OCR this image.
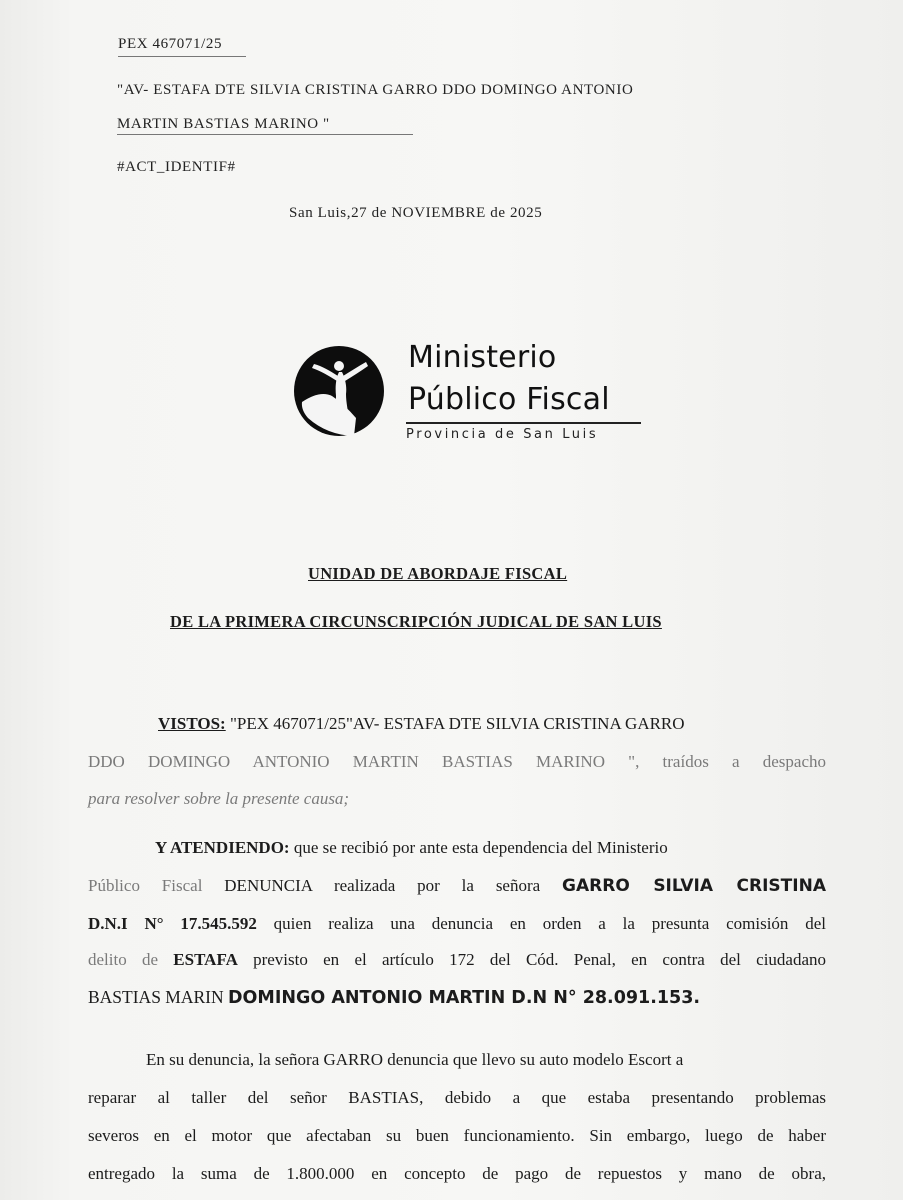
PEX 467071/25
"AV- ESTAFA DTE SILVIA CRISTINA GARRO DDO DOMINGO ANTONIO
MARTIN BASTIAS MARINO "
#ACT_IDENTIF#
San Luis,27 de NOVIEMBRE de 2025
Ministerio
Público Fiscal
Provincia de San Luis
UNIDAD DE ABORDAJE FISCAL
DE LA PRIMERA CIRCUNSCRIPCIÓN JUDICAL DE SAN LUIS
VISTOS: "PEX 467071/25"AV- ESTAFA DTE SILVIA CRISTINA GARRO
DDO DOMINGO ANTONIO MARTIN BASTIAS MARINO ", traídos a despacho
para resolver sobre la presente causa;
Y ATENDIENDO: que se recibió por ante esta dependencia del Ministerio
Público Fiscal DENUNCIA realizada por la señora GARRO SILVIA CRISTINA
D.N.I N° 17.545.592 quien realiza una denuncia en orden a la presunta comisión del
delito de ESTAFA previsto en el artículo 172 del Cód. Penal, en contra del ciudadano
BASTIAS MARIN DOMINGO ANTONIO MARTIN D.N N° 28.091.153.
En su denuncia, la señora GARRO denuncia que llevo su auto modelo Escort a
reparar al taller del señor BASTIAS, debido a que estaba presentando problemas
severos en el motor que afectaban su buen funcionamiento. Sin embargo, luego de haber
entregado la suma de 1.800.000 en concepto de pago de repuestos y mano de obra,
